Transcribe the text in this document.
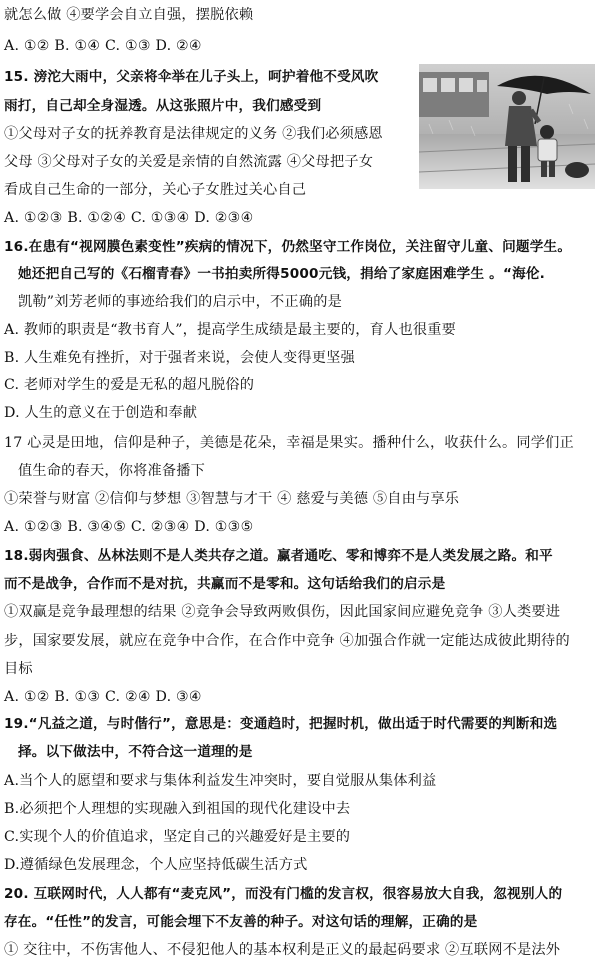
就怎么做 ④要学会自立自强，摆脱依赖
A. ①② B. ①④ C. ①③ D. ②④
15. 滂沱大雨中，父亲将伞举在儿子头上，呵护着他不受风吹
雨打，自己却全身湿透。从这张照片中，我们感受到
①父母对子女的抚养教育是法律规定的义务 ②我们必须感恩
父母 ③父母对子女的关爱是亲情的自然流露 ④父母把子女
看成自己生命的一部分，关心子女胜过关心自己
A. ①②③ B. ①②④ C. ①③④ D. ②③④
16.在患有“视网膜色素变性”疾病的情况下，仍然坚守工作岗位，关注留守儿童、问题学生。
她还把自己写的《石榴青春》一书拍卖所得5000元钱，捐给了家庭困难学生 。“海伦.
凯勒”刘芳老师的事迹给我们的启示中，不正确的是
A. 教师的职责是“教书育人”，提高学生成绩是最主要的，育人也很重要
B. 人生难免有挫折，对于强者来说，会使人变得更坚强
C. 老师对学生的爱是无私的超凡脱俗的
D. 人生的意义在于创造和奉献
17 心灵是田地，信仰是种子，美德是花朵，幸福是果实。播种什么，收获什么。同学们正
值生命的春天，你将准备播下
①荣誉与财富 ②信仰与梦想 ③智慧与才干 ④ 慈爱与美德 ⑤自由与享乐
A. ①②③ B. ③④⑤ C. ②③④ D. ①③⑤
18.弱肉强食、丛林法则不是人类共存之道。赢者通吃、零和博弈不是人类发展之路。和平
而不是战争，合作而不是对抗，共赢而不是零和。这句话给我们的启示是
①双赢是竞争最理想的结果 ②竞争会导致两败俱伤，因此国家间应避免竞争 ③人类要进
步，国家要发展，就应在竞争中合作，在合作中竞争 ④加强合作就一定能达成彼此期待的
目标
A. ①② B. ①③ C. ②④ D. ③④
19.“凡益之道，与时偕行”，意思是：变通趋时，把握时机，做出适于时代需要的判断和选
择。以下做法中，不符合这一道理的是
A.当个人的愿望和要求与集体利益发生冲突时，要自觉服从集体利益
B.必须把个人理想的实现融入到祖国的现代化建设中去
C.实现个人的价值追求，坚定自己的兴趣爱好是主要的
D.遵循绿色发展理念，个人应坚持低碳生活方式
20. 互联网时代，人人都有“麦克风”，而没有门槛的发言权，很容易放大自我，忽视别人的
存在。“任性”的发言，可能会埋下不友善的种子。对这句话的理解，正确的是
① 交往中，不伤害他人、不侵犯他人的基本权利是正义的最起码要求 ②互联网不是法外
